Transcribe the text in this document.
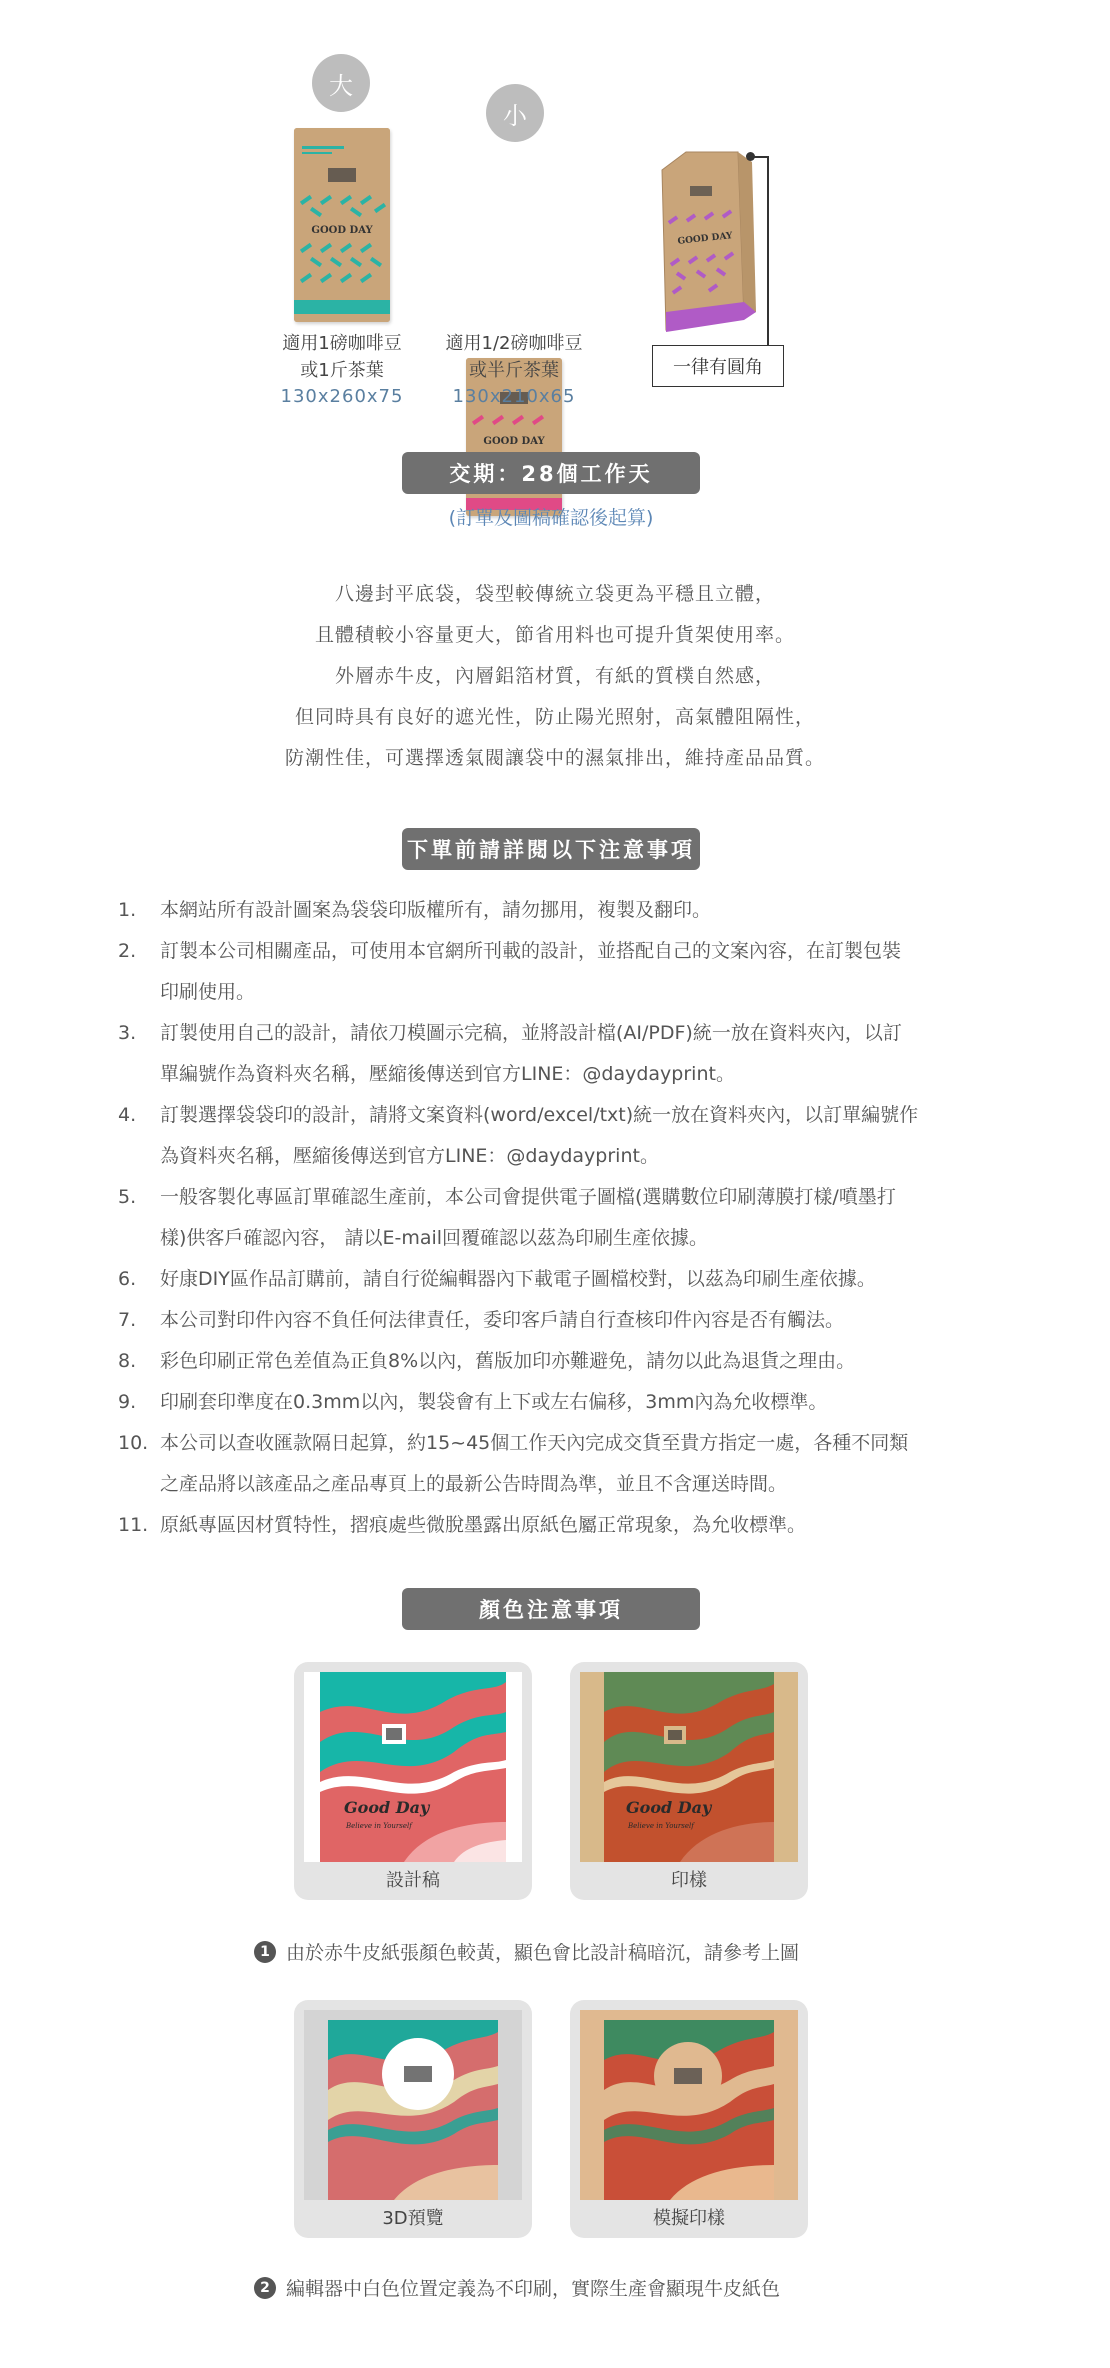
大
小
GOOD DAY
GOOD DAY
GOOD DAY
一律有圓角
適用1磅咖啡豆
或1斤茶葉
130x260x75
適用1/2磅咖啡豆
或半斤茶葉
130x210x65
交期：28個工作天
(訂單及圖稿確認後起算)
八邊封平底袋，袋型較傳統立袋更為平穩且立體，
且體積較小容量更大，節省用料也可提升貨架使用率。
外層赤牛皮，內層鋁箔材質，有紙的質樸自然感，
但同時具有良好的遮光性，防止陽光照射，高氣體阻隔性，
防潮性佳，可選擇透氣閥讓袋中的濕氣排出，維持產品品質。
下單前請詳閱以下注意事項
1.	本網站所有設計圖案為袋袋印版權所有，請勿挪用，複製及翻印。
2.	訂製本公司相關產品，可使用本官網所刊載的設計，並搭配自己的文案內容，在訂製包裝
印刷使用。
3.	訂製使用自己的設計，請依刀模圖示完稿，並將設計檔(AI/PDF)統一放在資料夾內，以訂
單編號作為資料夾名稱，壓縮後傳送到官方LINE：@daydayprint。
4.	訂製選擇袋袋印的設計，請將文案資料(word/excel/txt)統一放在資料夾內，以訂單編號作
為資料夾名稱，壓縮後傳送到官方LINE：@daydayprint。
5.	一般客製化專區訂單確認生產前，本公司會提供電子圖檔(選購數位印刷薄膜打樣/噴墨打
樣)供客戶確認內容， 請以E-mail回覆確認以茲為印刷生產依據。
6.	好康DIY區作品訂購前，請自行從編輯器內下載電子圖檔校對，以茲為印刷生產依據。
7.	本公司對印件內容不負任何法律責任，委印客戶請自行查核印件內容是否有觸法。
8.	彩色印刷正常色差值為正負8%以內，舊版加印亦難避免，請勿以此為退貨之理由。
9.	印刷套印準度在0.3mm以內，製袋會有上下或左右偏移，3mm內為允收標準。
10. 本公司以查收匯款隔日起算，約15~45個工作天內完成交貨至貴方指定一處，各種不同類
之產品將以該產品之產品專頁上的最新公告時間為準，並且不含運送時間。
11. 原紙專區因材質特性，摺痕處些微脫墨露出原紙色屬正常現象，為允收標準。
顏色注意事項
Good Day
Believe in Yourself
設計稿
Good Day
Believe in Yourself
印樣
1 由於赤牛皮紙張顏色較黃，顯色會比設計稿暗沉，請參考上圖
3D預覽	模擬印樣
2 編輯器中白色位置定義為不印刷，實際生產會顯現牛皮紙色
